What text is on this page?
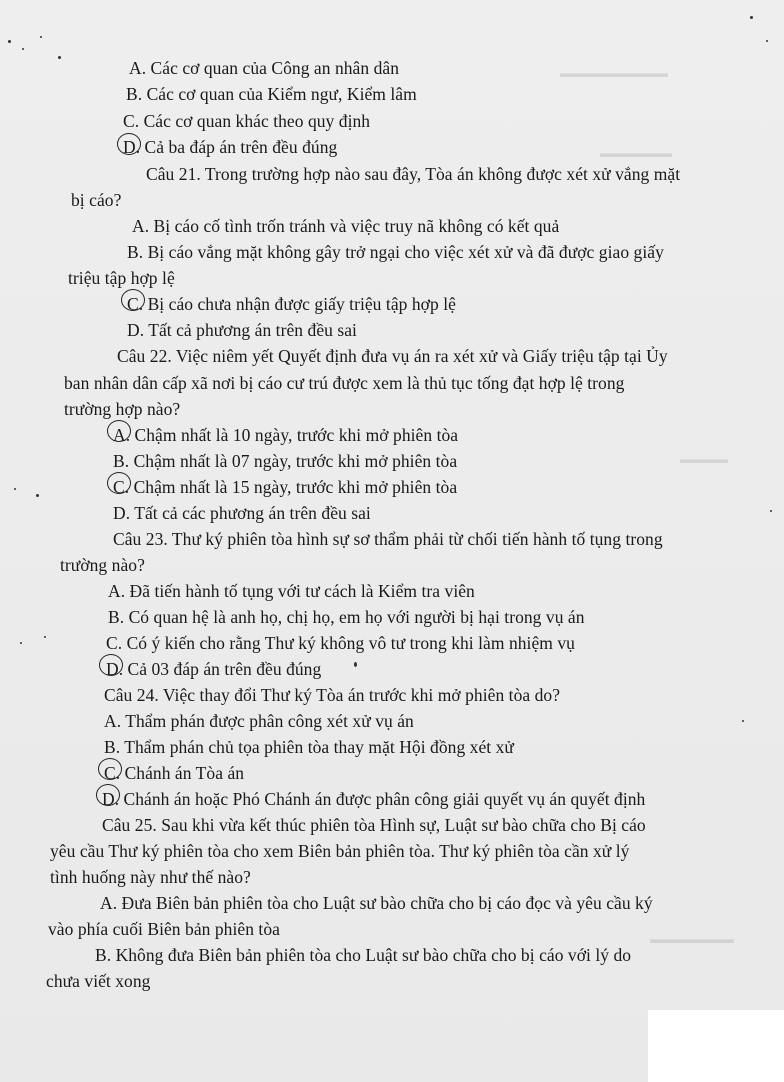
▬▬▬▬▬▬▬▬▬
▬▬▬▬▬▬
▬▬▬▬
▬▬▬▬▬▬▬
A. Các cơ quan của Công an nhân dân
B. Các cơ quan của Kiểm ngư, Kiểm lâm
C. Các cơ quan khác theo quy định
D. Cả ba đáp án trên đều đúng
Câu 21. Trong trường hợp nào sau đây, Tòa án không được xét xử vắng mặt
bị cáo?
A. Bị cáo cố tình trốn tránh và việc truy nã không có kết quả
B. Bị cáo vắng mặt không gây trở ngại cho việc xét xử và đã được giao giấy
triệu tập hợp lệ
C. Bị cáo chưa nhận được giấy triệu tập hợp lệ
D. Tất cả phương án trên đều sai
Câu 22. Việc niêm yết Quyết định đưa vụ án ra xét xử và Giấy triệu tập tại Ủy
ban nhân dân cấp xã nơi bị cáo cư trú được xem là thủ tục tống đạt hợp lệ trong
trường hợp nào?
A. Chậm nhất là 10 ngày, trước khi mở phiên tòa
B. Chậm nhất là 07 ngày, trước khi mở phiên tòa
C. Chậm nhất là 15 ngày, trước khi mở phiên tòa
D. Tất cả các phương án trên đều sai
Câu 23. Thư ký phiên tòa hình sự sơ thẩm phải từ chối tiến hành tố tụng trong
trường nào?
A. Đã tiến hành tố tụng với tư cách là Kiểm tra viên
B. Có quan hệ là anh họ, chị họ, em họ với người bị hại trong vụ án
C. Có ý kiến cho rằng Thư ký không vô tư trong khi làm nhiệm vụ
D. Cả 03 đáp án trên đều đúng
Câu 24. Việc thay đổi Thư ký Tòa án trước khi mở phiên tòa do?
A. Thẩm phán được phân công xét xử vụ án
B. Thẩm phán chủ tọa phiên tòa thay mặt Hội đồng xét xử
C. Chánh án Tòa án
D. Chánh án hoặc Phó Chánh án được phân công giải quyết vụ án quyết định
Câu 25. Sau khi vừa kết thúc phiên tòa Hình sự, Luật sư bào chữa cho Bị cáo
yêu cầu Thư ký phiên tòa cho xem Biên bản phiên tòa. Thư ký phiên tòa cần xử lý
tình huống này như thế nào?
A. Đưa Biên bản phiên tòa cho Luật sư bào chữa cho bị cáo đọc và yêu cầu ký
vào phía cuối Biên bản phiên tòa
B. Không đưa Biên bản phiên tòa cho Luật sư bào chữa cho bị cáo với lý do
chưa viết xong
